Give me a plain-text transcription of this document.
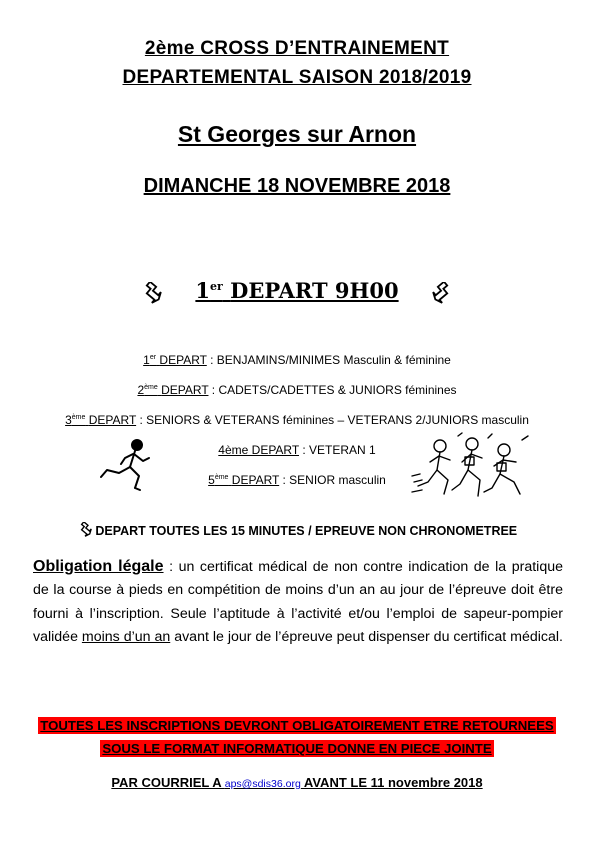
2ème CROSS D’ENTRAINEMENT
DEPARTEMENTAL SAISON 2018/2019
St Georges sur Arnon
DIMANCHE 18 NOVEMBRE 2018
1er DEPART 9H00
1er DEPART : BENJAMINS/MINIMES Masculin & féminine
2ème DEPART : CADETS/CADETTES & JUNIORS féminines
3ème DEPART : SENIORS & VETERANS féminines – VETERANS 2/JUNIORS masculin
4ème DEPART : VETERAN 1
5ème DEPART : SENIOR masculin
DEPART TOUTES LES 15 MINUTES / EPREUVE NON CHRONOMETREE
Obligation légale : un certificat médical de non contre indication de la pratique de la course à pieds en compétition de moins d’un an au jour de l’épreuve doit être fourni à l’inscription. Seule l’aptitude à l’activité et/ou l’emploi de sapeur-pompier validée moins d’un an avant le jour de l’épreuve peut dispenser du certificat médical.
TOUTES LES INSCRIPTIONS DEVRONT OBLIGATOIREMENT ETRE RETOURNEES
SOUS LE FORMAT INFORMATIQUE DONNE EN PIECE JOINTE
PAR COURRIEL A aps@sdis36.org AVANT LE 11 novembre 2018
